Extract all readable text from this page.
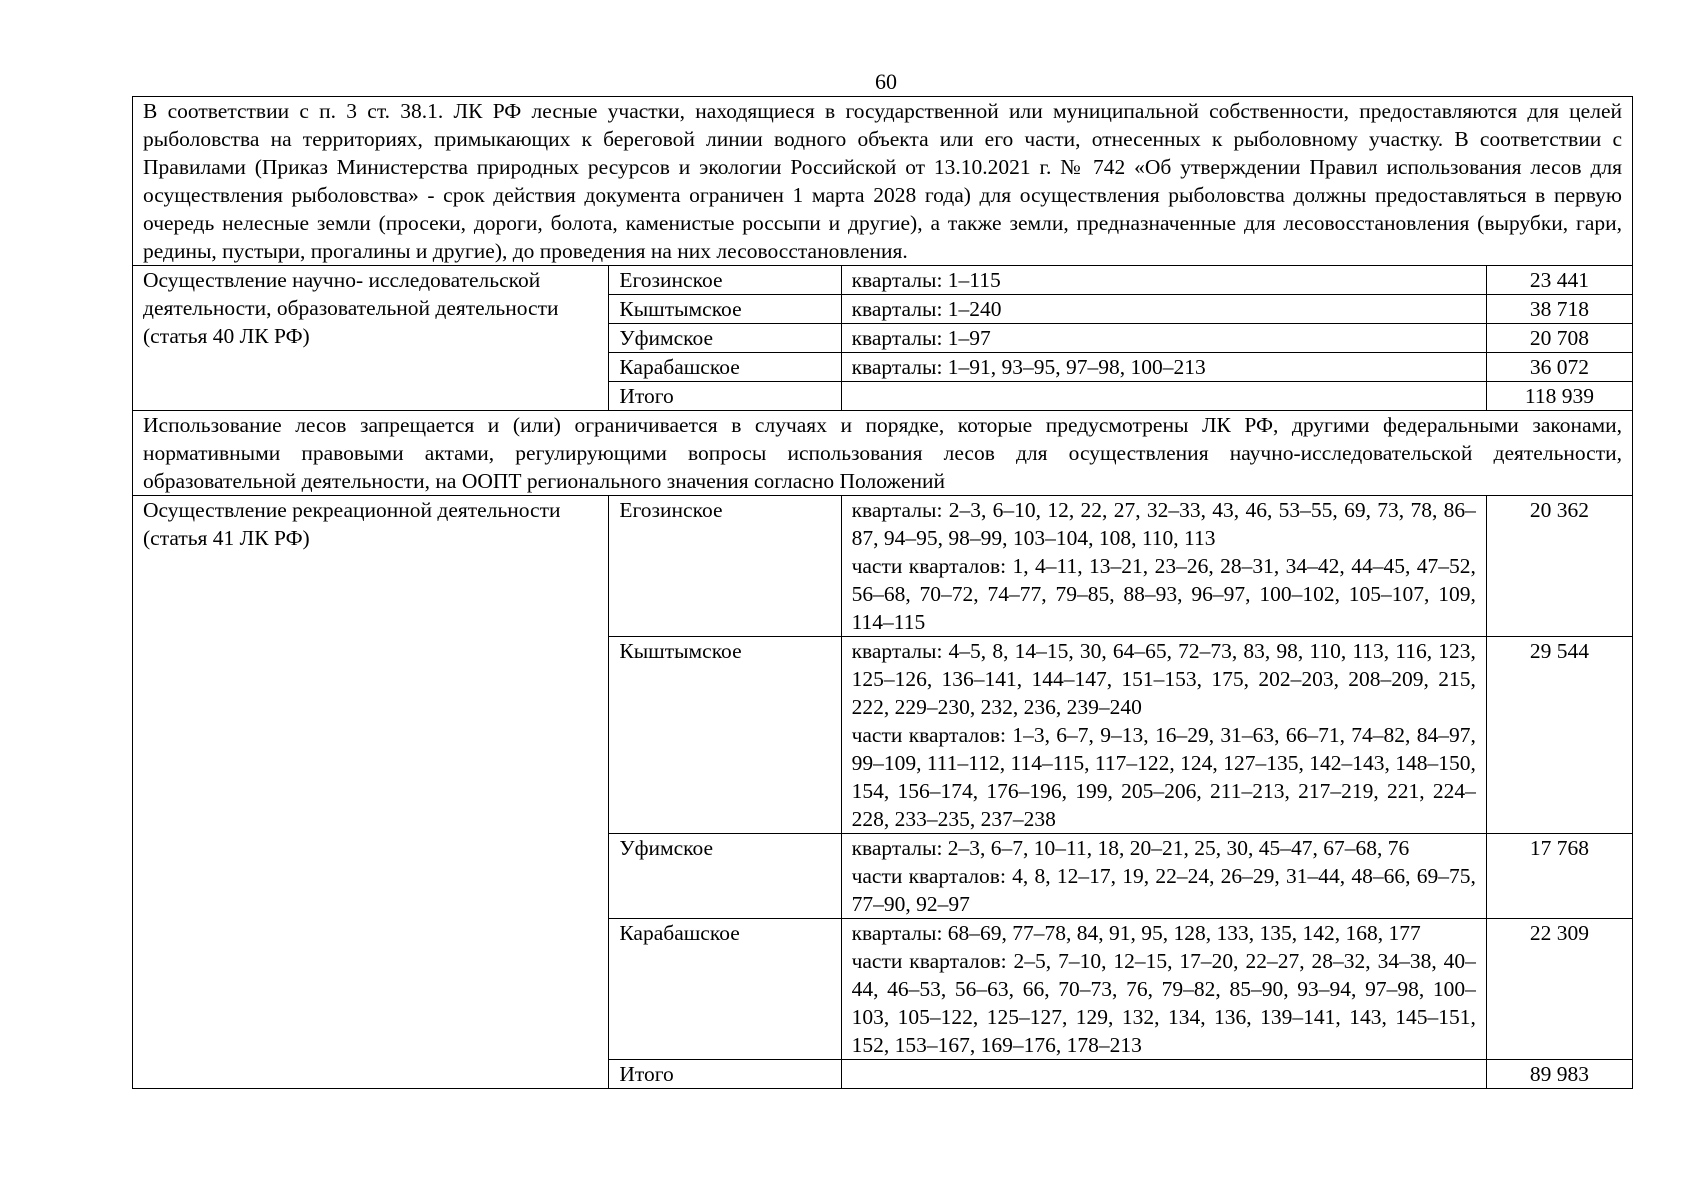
60
В соответствии с п. 3 ст. 38.1. ЛК РФ лесные участки, находящиеся в государственной или муниципальной собственности, предоставляются для целей рыболовства на территориях, примыкающих к береговой линии водного объекта или его части, отнесенных к рыболовному участку. В соответствии с Правилами (Приказ Министерства природных ресурсов и экологии Российской от 13.10.2021 г. № 742 «Об утверждении Правил использования лесов для осуществления рыболовства» - срок действия документа ограничен 1 марта 2028 года) для осуществления рыболовства должны предоставляться в первую очередь нелесные земли (просеки, дороги, болота, каменистые россыпи и другие), а также земли, предназначенные для лесовосстановления (вырубки, гари, редины, пустыри, прогалины и другие), до проведения на них лесовосстановления.			
Осуществление научно- исследовательской деятельности, образовательной деятельности
(статья 40 ЛК РФ)	Егозинское	кварталы: 1–115	23 441
	Кыштымское	кварталы: 1–240	38 718
	Уфимское	кварталы: 1–97	20 708
	Карабашское	кварталы: 1–91, 93–95, 97–98, 100–213	36 072
	Итого		118 939
Использование лесов запрещается и (или) ограничивается в случаях и порядке, которые предусмотрены ЛК РФ, другими федеральными законами, нормативными правовыми актами, регулирующими вопросы использования лесов для осуществления научно-исследовательской деятельности, образовательной деятельности, на ООПТ регионального значения согласно Положений			
Осуществление рекреационной деятельности
(статья 41 ЛК РФ)	Егозинское	кварталы: 2–3, 6–10, 12, 22, 27, 32–33, 43, 46, 53–55, 69, 73, 78, 86–87, 94–95, 98–99, 103–104, 108, 110, 113
части кварталов: 1, 4–11, 13–21, 23–26, 28–31, 34–42, 44–45, 47–52, 56–68, 70–72, 74–77, 79–85, 88–93, 96–97, 100–102, 105–107, 109, 114–115	20 362
	Кыштымское	кварталы: 4–5, 8, 14–15, 30, 64–65, 72–73, 83, 98, 110, 113, 116, 123, 125–126, 136–141, 144–147, 151–153, 175, 202–203, 208–209, 215, 222, 229–230, 232, 236, 239–240
части кварталов: 1–3, 6–7, 9–13, 16–29, 31–63, 66–71, 74–82, 84–97, 99–109, 111–112, 114–115, 117–122, 124, 127–135, 142–143, 148–150, 154, 156–174, 176–196, 199, 205–206, 211–213, 217–219, 221, 224–228, 233–235, 237–238	29 544
	Уфимское	кварталы: 2–3, 6–7, 10–11, 18, 20–21, 25, 30, 45–47, 67–68, 76
части кварталов: 4, 8, 12–17, 19, 22–24, 26–29, 31–44, 48–66, 69–75, 77–90, 92–97	17 768
	Карабашское	кварталы: 68–69, 77–78, 84, 91, 95, 128, 133, 135, 142, 168, 177
части кварталов: 2–5, 7–10, 12–15, 17–20, 22–27, 28–32, 34–38, 40–44, 46–53, 56–63, 66, 70–73, 76, 79–82, 85–90, 93–94, 97–98, 100–103, 105–122, 125–127, 129, 132, 134, 136, 139–141, 143, 145–151, 152, 153–167, 169–176, 178–213	22 309
	Итого		89 983
